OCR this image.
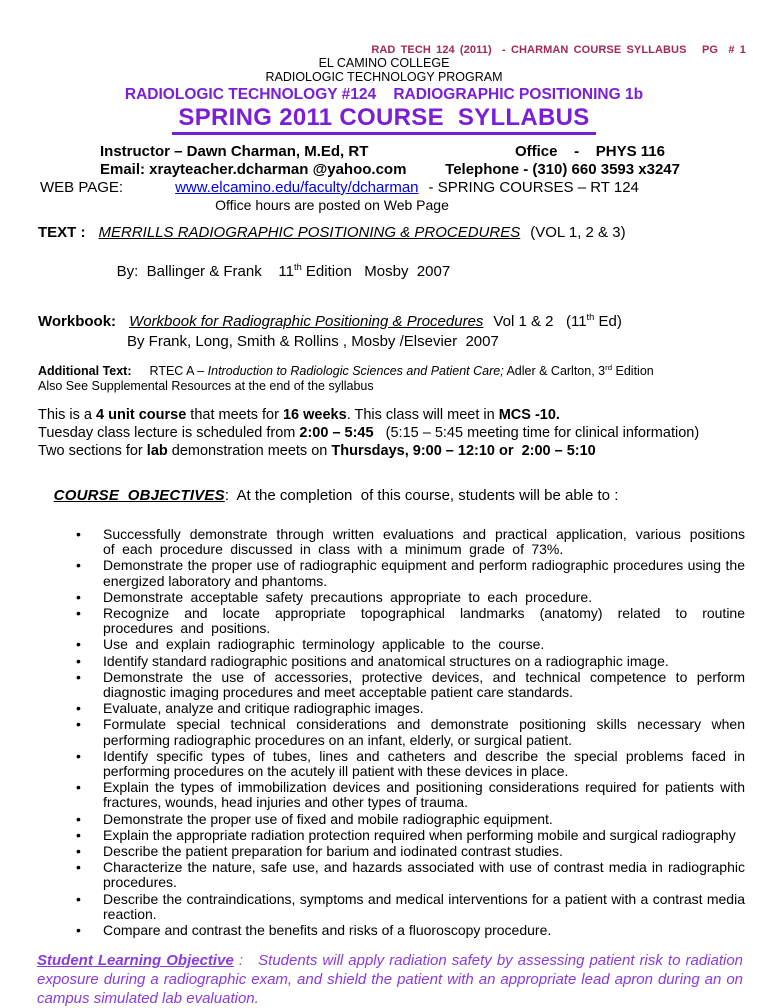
RAD TECH 124 (2011)  - CHARMAN COURSE SYLLABUS   PG  # 1
EL CAMINO COLLEGE
RADIOLOGIC TECHNOLOGY PROGRAM
RADIOLOGIC TECHNOLOGY #124    RADIOGRAPHIC POSITIONING 1b
SPRING 2011 COURSE  SYLLABUS
Instructor – Dawn Charman, M.Ed, RT	Office    -    PHYS 116
Email: xrayteacher.dcharman @yahoo.com	Telephone - (310) 660 3593 x3247
WEB PAGE:	www.elcamino.edu/faculty/dcharman - SPRING COURSES – RT 124
Office hours are posted on Web Page
TEXT : MERRILLS RADIOGRAPHIC POSITIONING & PROCEDURES (VOL 1, 2 & 3)

By:  Ballinger & Frank    11th Edition   Mosby  2007

Workbook: Workbook for Radiographic Positioning & Procedures Vol 1 & 2   (11th Ed)
By Frank, Long, Smith & Rollins , Mosby /Elsevier  2007
Additional Text: RTEC A – Introduction to Radiologic Sciences and Patient Care; Adler & Carlton, 3rd Edition
Also See Supplemental Resources at the end of the syllabus
This is a 4 unit course that meets for 16 weeks. This class will meet in MCS -10.
Tuesday class lecture is scheduled from 2:00 – 5:45   (5:15 – 5:45 meeting time for clinical information)
Two sections for lab demonstration meets on Thursdays, 9:00 – 12:10 or  2:00 – 5:10

COURSE  OBJECTIVES:  At the completion  of this course, students will be able to :

• Successfully demonstrate through written evaluations and practical application, various positions of each procedure discussed in class with a minimum grade of 73%.
• Demonstrate the proper use of radiographic equipment and perform radiographic procedures using the energized laboratory and phantoms.
• Demonstrate acceptable safety precautions appropriate to each procedure.
• Recognize and locate appropriate topographical landmarks (anatomy) related to routine procedures and positions.
• Use and explain radiographic terminology applicable to the course.
• Identify standard radiographic positions and anatomical structures on a radiographic image.
• Demonstrate the use of accessories, protective devices, and technical competence to perform diagnostic imaging procedures and meet acceptable patient care standards.
• Evaluate, analyze and critique radiographic images.
• Formulate special technical considerations and demonstrate positioning skills necessary when performing radiographic procedures on an infant, elderly, or surgical patient.
• Identify specific types of tubes, lines and catheters and describe the special problems faced in performing procedures on the acutely ill patient with these devices in place.
• Explain the types of immobilization devices and positioning considerations required for patients with fractures, wounds, head injuries and other types of trauma.
• Demonstrate the proper use of fixed and mobile radiographic equipment.
• Explain the appropriate radiation protection required when performing mobile and surgical radiography
• Describe the patient preparation for barium and iodinated contrast studies.
• Characterize the nature, safe use, and hazards associated with use of contrast media in radiographic procedures.
• Describe the contraindications, symptoms and medical interventions for a patient with a contrast media reaction.
• Compare and contrast the benefits and risks of a fluoroscopy procedure.
Student Learning Objective :   Students will apply radiation safety by assessing patient risk to radiation exposure during a radiographic exam, and shield the patient with an appropriate lead apron during an on campus simulated lab evaluation.
